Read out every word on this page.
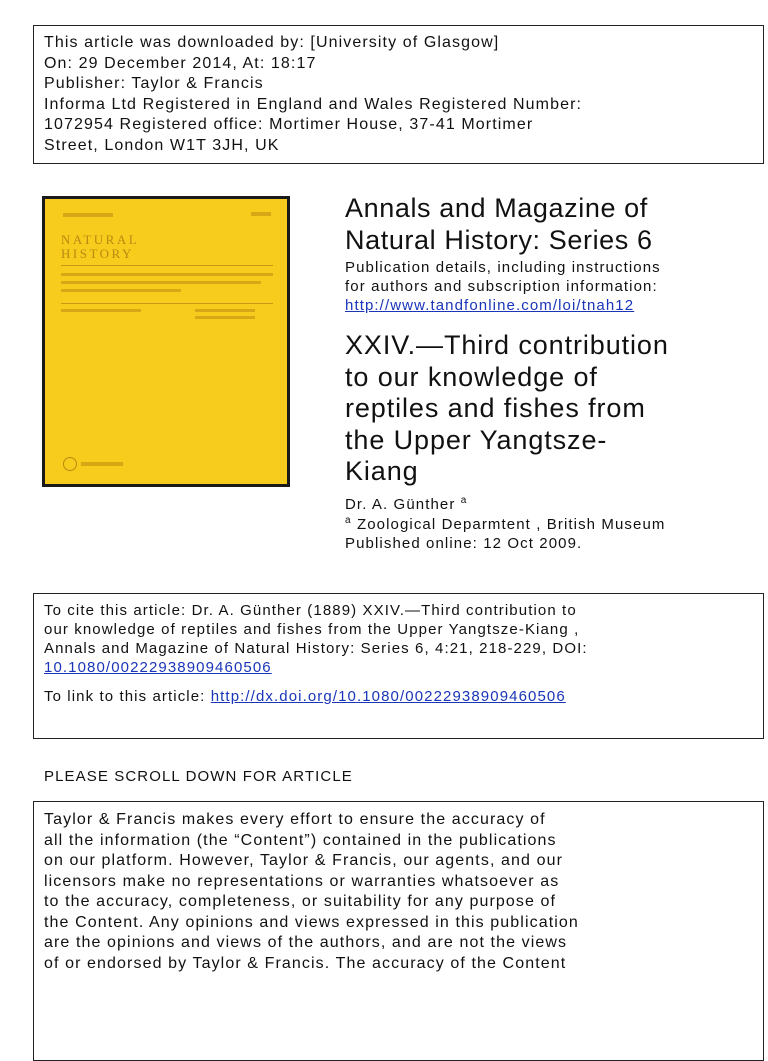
This article was downloaded by: [University of Glasgow]
On: 29 December 2014, At: 18:17
Publisher: Taylor & Francis
Informa Ltd Registered in England and Wales Registered Number:
1072954 Registered office: Mortimer House, 37-41 Mortimer
Street, London W1T 3JH, UK
NATURAL
HISTORY
Annals and Magazine of
Natural History: Series 6
Publication details, including instructions
for authors and subscription information:
http://www.tandfonline.com/loi/tnah12
XXIV.—Third contribution
to our knowledge of
reptiles and fishes from
the Upper Yangtsze-
Kiang
Dr. A. Günther $^a$
$^a$ Zoological Deparmtent , British Museum
Published online: 12 Oct 2009.
To cite this article: Dr. A. Günther (1889) XXIV.—Third contribution to
our knowledge of reptiles and fishes from the Upper Yangtsze-Kiang ,
Annals and Magazine of Natural History: Series 6, 4:21, 218-229, DOI:
10.1080/00222938909460506
To link to this article: http://dx.doi.org/10.1080/00222938909460506
PLEASE SCROLL DOWN FOR ARTICLE
Taylor & Francis makes every effort to ensure the accuracy of
all the information (the “Content”) contained in the publications
on our platform. However, Taylor & Francis, our agents, and our
licensors make no representations or warranties whatsoever as
to the accuracy, completeness, or suitability for any purpose of
the Content. Any opinions and views expressed in this publication
are the opinions and views of the authors, and are not the views
of or endorsed by Taylor & Francis. The accuracy of the Content
